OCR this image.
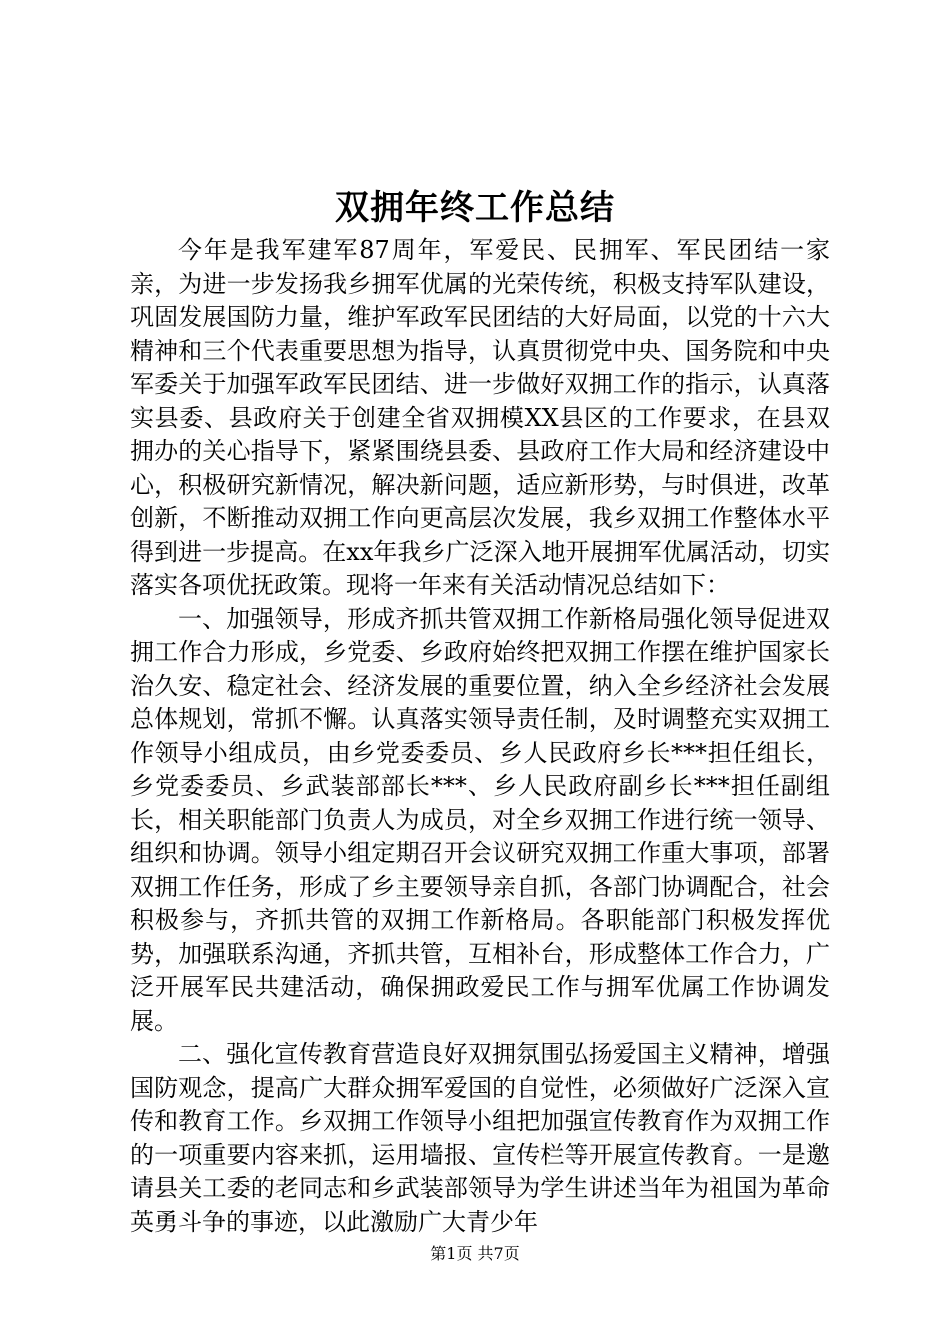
双拥年终工作总结

今年是我军建军87周年，军爱民、民拥军、军民团结一家亲，为进一步发扬我乡拥军优属的光荣传统，积极支持军队建设，巩固发展国防力量，维护军政军民团结的大好局面，以党的十六大精神和三个代表重要思想为指导，认真贯彻党中央、国务院和中央军委关于加强军政军民团结、进一步做好双拥工作的指示，认真落实县委、县政府关于创建全省双拥模XX县区的工作要求，在县双拥办的关心指导下，紧紧围绕县委、县政府工作大局和经济建设中心，积极研究新情况，解决新问题，适应新形势，与时俱进，改革创新，不断推动双拥工作向更高层次发展，我乡双拥工作整体水平得到进一步提高。在xx年我乡广泛深入地开展拥军优属活动，切实落实各项优抚政策。现将一年来有关活动情况总结如下：

一、加强领导，形成齐抓共管双拥工作新格局强化领导促进双拥工作合力形成，乡党委、乡政府始终把双拥工作摆在维护国家长治久安、稳定社会、经济发展的重要位置，纳入全乡经济社会发展总体规划，常抓不懈。认真落实领导责任制，及时调整充实双拥工作领导小组成员，由乡党委委员、乡人民政府乡长***担任组长，乡党委委员、乡武装部部长***、乡人民政府副乡长***担任副组长，相关职能部门负责人为成员，对全乡双拥工作进行统一领导、组织和协调。领导小组定期召开会议研究双拥工作重大事项，部署双拥工作任务，形成了乡主要领导亲自抓，各部门协调配合，社会积极参与，齐抓共管的双拥工作新格局。各职能部门积极发挥优势，加强联系沟通，齐抓共管，互相补台，形成整体工作合力，广泛开展军民共建活动，确保拥政爱民工作与拥军优属工作协调发展。

二、强化宣传教育营造良好双拥氛围弘扬爱国主义精神，增强国防观念，提高广大群众拥军爱国的自觉性，必须做好广泛深入宣传和教育工作。乡双拥工作领导小组把加强宣传教育作为双拥工作的一项重要内容来抓，运用墙报、宣传栏等开展宣传教育。一是邀请县关工委的老同志和乡武装部领导为学生讲述当年为祖国为革命英勇斗争的事迹，以此激励广大青少年

第1页 共7页
